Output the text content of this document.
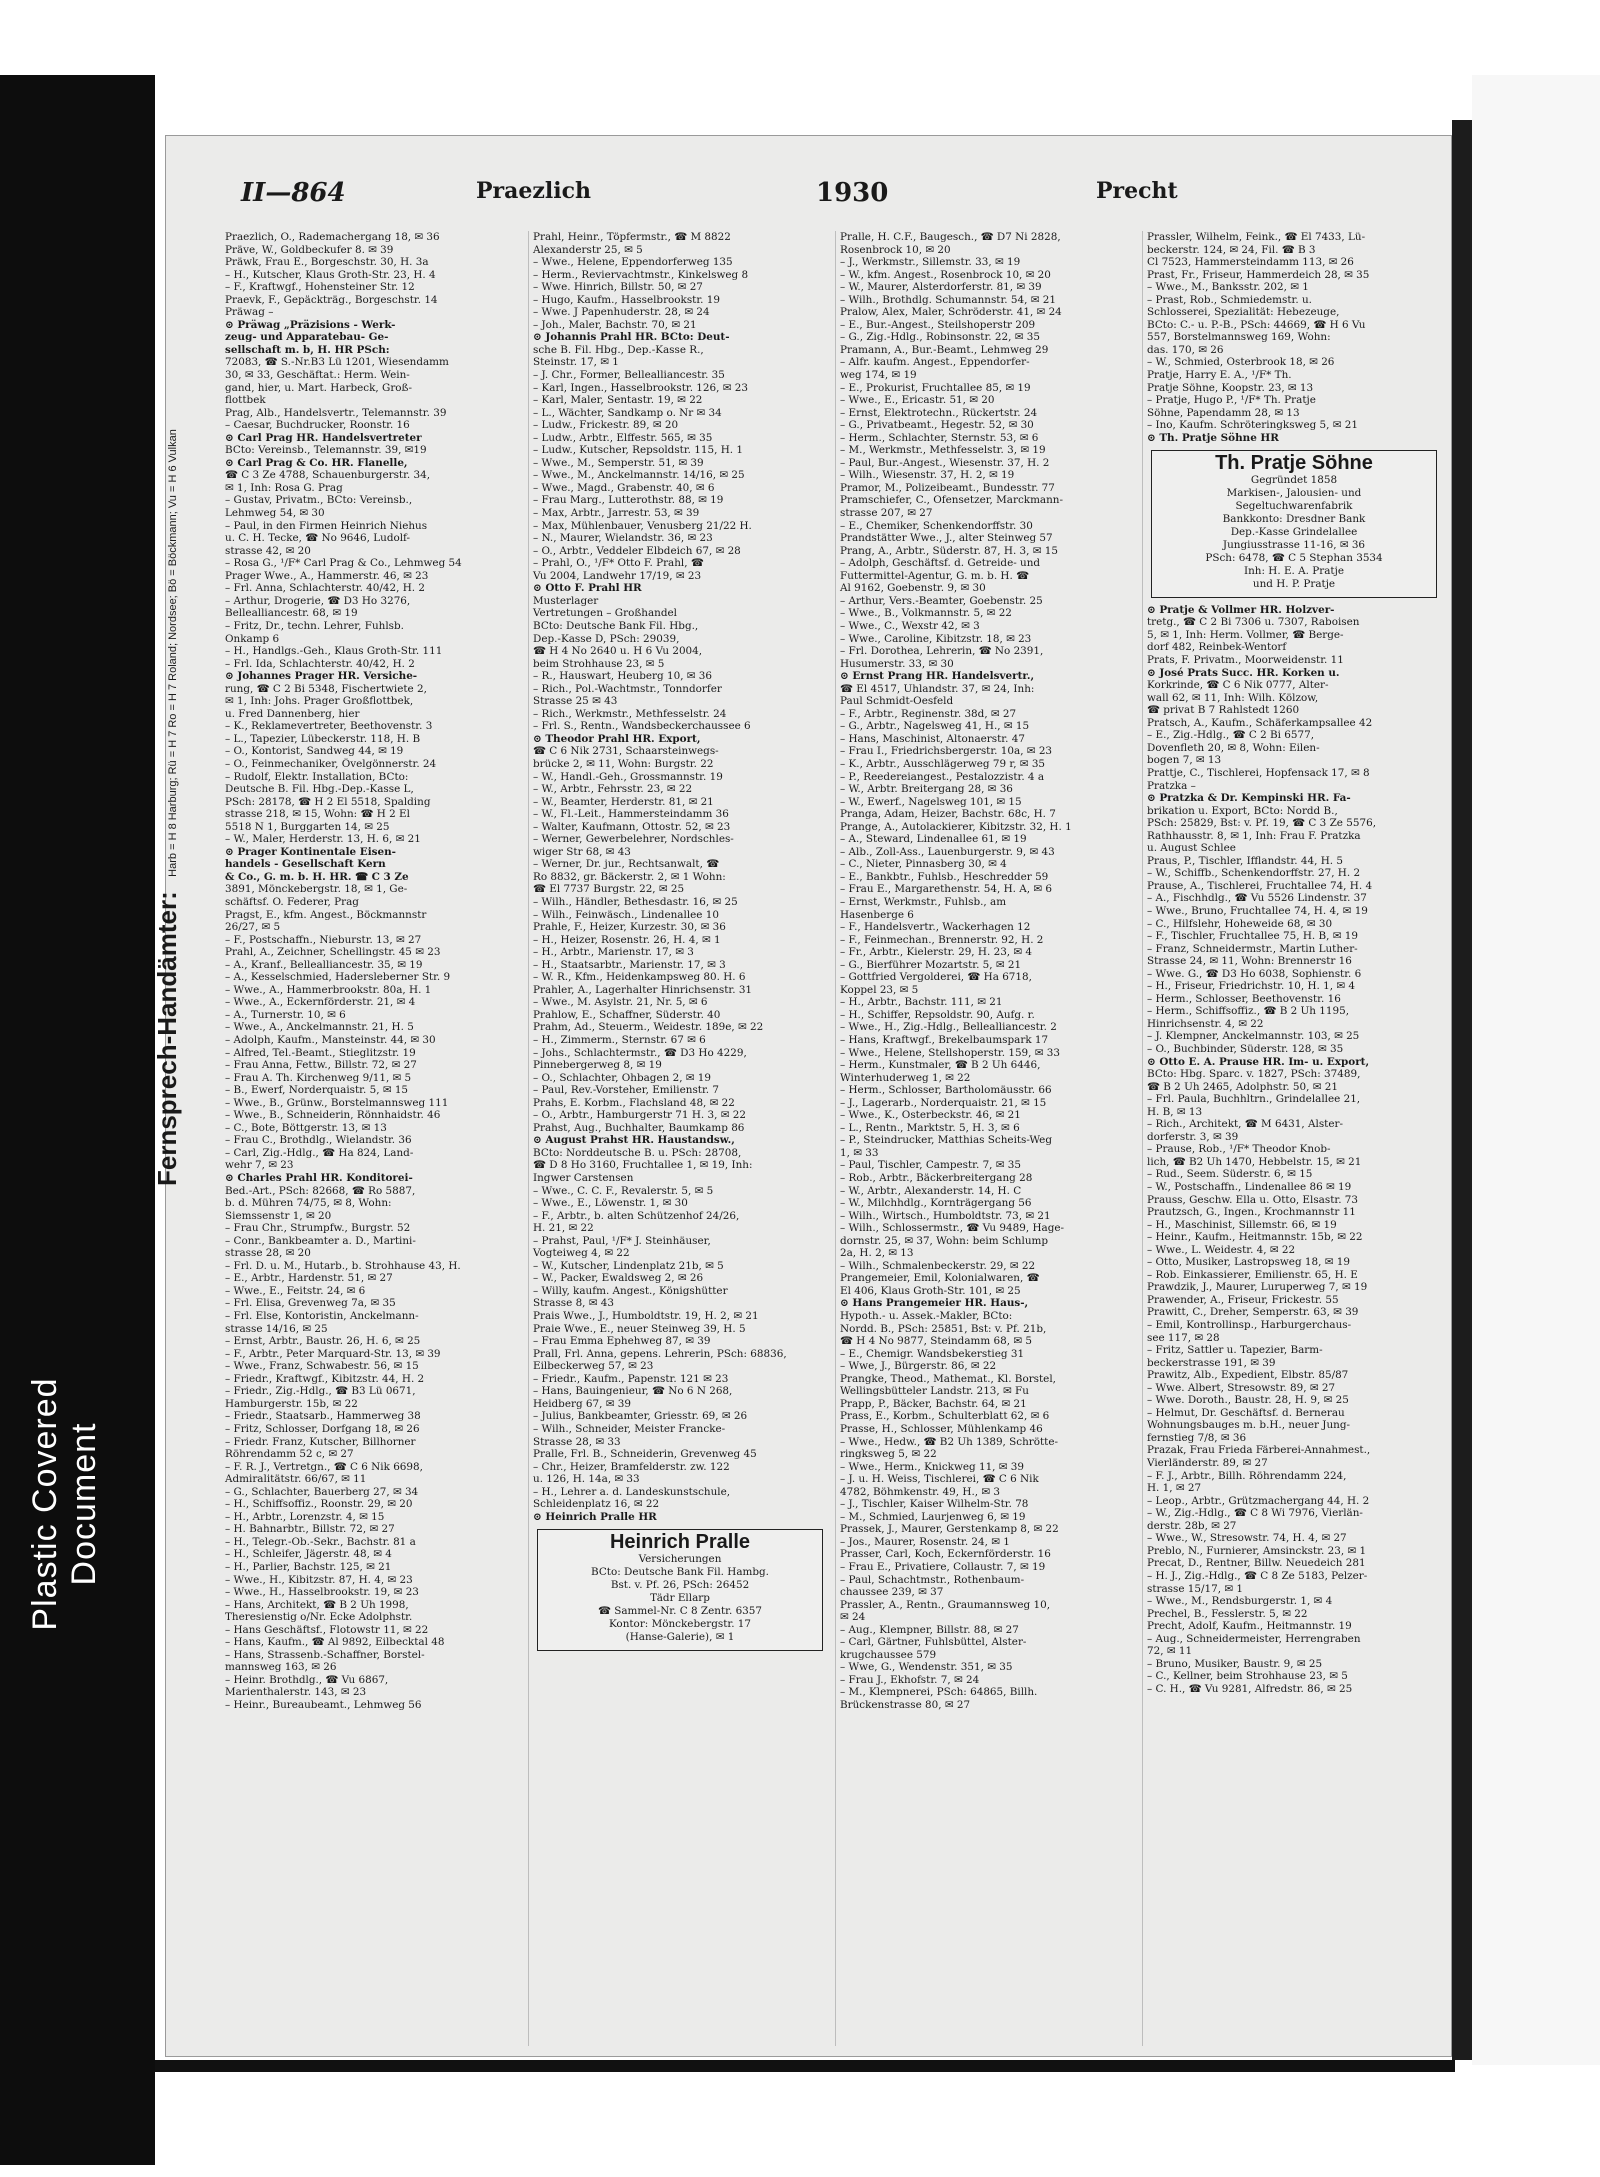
Plastic Covered Document
II—864	Praezlich	1930	Precht
Fernsprech-Handämter: Harb = H 8 Harburg; Rü = H 7 Ro = H 7 Roland; Nordsee; Bö = Böckmann; Vu = H 6 Vulkan

Praezlich, O., Rademachergang 18, ✉ 36

Präve, W., Goldbeckufer 8. ✉ 39

Präwk, Frau E., Borgeschstr. 30, H. 3a

– H., Kutscher, Klaus Groth-Str. 23, H. 4

– F., Kraftwgf., Hohensteiner Str. 12

Praevk, F., Gepäckträg., Borgeschstr. 14

Präwag –

⊙ Präwag „Präzisions - Werk-

zeug- und Apparatebau- Ge-

sellschaft m. b, H. HR PSch:

72083, ☎ S.-Nr.B3 Lü 1201, Wiesendamm

30, ✉ 33, Geschäftat.: Herm. Wein-

gand, hier, u. Mart. Harbeck, Groß-

flottbek

Prag, Alb., Handelsvertr., Telemannstr. 39

– Caesar, Buchdrucker, Roonstr. 16

⊙ Carl Prag HR. Handelsvertreter

BCto: Vereinsb., Telemannstr. 39, ✉19

⊙ Carl Prag & Co. HR. Flanelle,

☎ C 3 Ze 4788, Schauenburgerstr. 34,

✉ 1, Inh: Rosa G. Prag

– Gustav, Privatm., BCto: Vereinsb.,

Lehmweg 54, ✉ 30

– Paul, in den Firmen Heinrich Niehus

u. C. H. Tecke, ☎ No 9646, Ludolf-

strasse 42, ✉ 20

– Rosa G., ¹/F* Carl Prag & Co., Lehmweg 54

Prager Wwe., A., Hammerstr. 46, ✉ 23

– Frl. Anna, Schlachterstr. 40/42, H. 2

– Arthur, Drogerie, ☎ D3 Ho 3276,

Bellealliancestr. 68, ✉ 19

– Fritz, Dr., techn. Lehrer, Fuhlsb.

Onkamp 6

– H., Handlgs.-Geh., Klaus Groth-Str. 111

– Frl. Ida, Schlachterstr. 40/42, H. 2

⊙ Johannes Prager HR. Versiche-

rung, ☎ C 2 Bi 5348, Fischertwiete 2,

✉ 1, Inh: Johs. Prager Großflottbek,

u. Fred Dannenberg, hier

– K., Reklamevertreter, Beethovenstr. 3

– L., Tapezier, Lübeckerstr. 118, H. B

– O., Kontorist, Sandweg 44, ✉ 19

– O., Feinmechaniker, Övelgönnerstr. 24

– Rudolf, Elektr. Installation, BCto:

Deutsche B. Fil. Hbg.-Dep.-Kasse L,

PSch: 28178, ☎ H 2 El 5518, Spalding

strasse 218, ✉ 15, Wohn: ☎ H 2 El

5518 N 1, Burggarten 14, ✉ 25

– W., Maler, Herderstr. 13, H. 6, ✉ 21

⊙ Prager Kontinentale Eisen-

handels - Gesellschaft Kern

& Co., G. m. b. H. HR. ☎ C 3 Ze

3891, Mönckebergstr. 18, ✉ 1, Ge-

schäftsf. O. Federer, Prag

Pragst, E., kfm. Angest., Böckmannstr

26/27, ✉ 5

– F., Postschaffn., Nieburstr. 13, ✉ 27

Prahl, A., Zeichner, Schellingstr. 45 ✉ 23

– A., Kranf., Bellealliancestr. 35, ✉ 19

– A., Kesselschmied, Hadersleberner Str. 9

– Wwe., A., Hammerbrookstr. 80a, H. 1

– Wwe., A., Eckernförderstr. 21, ✉ 4

– A., Turnerstr. 10, ✉ 6

– Wwe., A., Anckelmannstr. 21, H. 5

– Adolph, Kaufm., Mansteinstr. 44, ✉ 30

– Alfred, Tel.-Beamt., Stieglitzstr. 19

– Frau Anna, Fettw., Billstr. 72, ✉ 27

– Frau A. Th. Kirchenweg 9/11, ✉ 5

– B., Ewerf, Norderquaistr. 5, ✉ 15

– Wwe., B., Grünw., Borstelmannsweg 111

– Wwe., B., Schneiderin, Rönnhaidstr. 46

– C., Bote, Böttgerstr. 13, ✉ 13

– Frau C., Brothdlg., Wielandstr. 36

– Carl, Zig.-Hdlg., ☎ Ha 824, Land-

wehr 7, ✉ 23

⊙ Charles Prahl HR. Konditorei-

Bed.-Art., PSch: 82668, ☎ Ro 5887,

b. d. Mühren 74/75, ✉ 8, Wohn:

Siemssenstr 1, ✉ 20

– Frau Chr., Strumpfw., Burgstr. 52

– Conr., Bankbeamter a. D., Martini-

strasse 28, ✉ 20

– Frl. D. u. M., Hutarb., b. Strohhause 43, H.

– E., Arbtr., Hardenstr. 51, ✉ 27

– Wwe., E., Feitstr. 24, ✉ 6

– Frl. Elisa, Grevenweg 7a, ✉ 35

– Frl. Else, Kontoristin, Anckelmann-

strasse 14/16, ✉ 25

– Ernst, Arbtr., Baustr. 26, H. 6, ✉ 25

– F., Arbtr., Peter Marquard-Str. 13, ✉ 39

– Wwe., Franz, Schwabestr. 56, ✉ 15

– Friedr., Kraftwgf., Kibitzstr. 44, H. 2

– Friedr., Zig.-Hdlg., ☎ B3 Lü 0671,

Hamburgerstr. 15b, ✉ 22

– Friedr., Staatsarb., Hammerweg 38

– Fritz, Schlosser, Dorfgang 18, ✉ 26

– Friedr. Franz, Kutscher, Billhorner

Röhrendamm 52 c, ✉ 27

– F. R. J., Vertretgn., ☎ C 6 Nik 6698,

Admiralitätstr. 66/67, ✉ 11

– G., Schlachter, Bauerberg 27, ✉ 34

– H., Schiffsoffiz., Roonstr. 29, ✉ 20

– H., Arbtr., Lorenzstr. 4, ✉ 15

– H. Bahnarbtr., Billstr. 72, ✉ 27

– H., Telegr.-Ob.-Sekr., Bachstr. 81 a

– H., Schleifer, Jägerstr. 48, ✉ 4

– H., Parlier, Bachstr. 125, ✉ 21

– Wwe., H., Kibitzstr. 87, H. 4, ✉ 23

– Wwe., H., Hasselbrookstr. 19, ✉ 23

– Hans, Architekt, ☎ B 2 Uh 1998,

Theresienstig o/Nr. Ecke Adolphstr.

– Hans Geschäftsf., Flotowstr 11, ✉ 22

– Hans, Kaufm., ☎ Al 9892, Eilbecktal 48

– Hans, Strassenb.-Schaffner, Borstel-

mannsweg 163, ✉ 26

– Heinr. Brothdlg., ☎ Vu 6867,

Marienthalerstr. 143, ✉ 23

– Heinr., Bureaubeamt., Lehmweg 56

Prahl, Heinr., Töpfermstr., ☎ M 8822

Alexanderstr 25, ✉ 5

– Wwe., Helene, Eppendorferweg 135

– Herm., Reviervachtmstr., Kinkelsweg 8

– Wwe. Hinrich, Billstr. 50, ✉ 27

– Hugo, Kaufm., Hasselbrookstr. 19

– Wwe. J Papenhuderstr. 28, ✉ 24

– Joh., Maler, Bachstr. 70, ✉ 21

⊙ Johannis Prahl HR. BCto: Deut-

sche B. Fil. Hbg., Dep.-Kasse R.,

Steinstr. 17, ✉ 1

– J. Chr., Former, Bellealliancestr. 35

– Karl, Ingen., Hasselbrookstr. 126, ✉ 23

– Karl, Maler, Sentastr. 19, ✉ 22

– L., Wächter, Sandkamp o. Nr ✉ 34

– Ludw., Frickestr. 89, ✉ 20

– Ludw., Arbtr., Elffestr. 565, ✉ 35

– Ludw., Kutscher, Repsoldstr. 115, H. 1

– Wwe., M., Semperstr. 51, ✉ 39

– Wwe., M., Anckelmannstr. 14/16, ✉ 25

– Wwe., Magd., Grabenstr. 40, ✉ 6

– Frau Marg., Lutterothstr. 88, ✉ 19

– Max, Arbtr., Jarrestr. 53, ✉ 39

– Max, Mühlenbauer, Venusberg 21/22 H.

– N., Maurer, Wielandstr. 36, ✉ 23

– O., Arbtr., Veddeler Elbdeich 67, ✉ 28

– Prahl, O., ¹/F* Otto F. Prahl, ☎

Vu 2004, Landwehr 17/19, ✉ 23

⊙ Otto F. Prahl HR

Musterlager

Vertretungen – Großhandel

BCto: Deutsche Bank Fil. Hbg.,

Dep.-Kasse D, PSch: 29039,

☎ H 4 No 2640 u. H 6 Vu 2004,

beim Strohhause 23, ✉ 5

– R., Hauswart, Heuberg 10, ✉ 36

– Rich., Pol.-Wachtmstr., Tonndorfer

Strasse 25 ✉ 43

– Rich., Werkmstr., Methfesselstr. 24

– Frl. S., Rentn., Wandsbeckerchaussee 6

⊙ Theodor Prahl HR. Export,

☎ C 6 Nik 2731, Schaarsteinwegs-

brücke 2, ✉ 11, Wohn: Burgstr. 22

– W., Handl.-Geh., Grossmannstr. 19

– W., Arbtr., Fehrsstr. 23, ✉ 22

– W., Beamter, Herderstr. 81, ✉ 21

– W., Fl.-Leit., Hammersteindamm 36

– Walter, Kaufmann, Ottostr. 52, ✉ 23

– Werner, Gewerbelehrer, Nordschles-

wiger Str 68, ✉ 43

– Werner, Dr. jur., Rechtsanwalt, ☎

Ro 8832, gr. Bäckerstr. 2, ✉ 1 Wohn:

☎ El 7737 Burgstr. 22, ✉ 25

– Wilh., Händler, Bethesdastr. 16, ✉ 25

– Wilh., Feinwäsch., Lindenallee 10

Prahle, F., Heizer, Kurzestr. 30, ✉ 36

– H., Heizer, Rosenstr. 26, H. 4, ✉ 1

– H., Arbtr., Marienstr. 17, ✉ 3

– H., Staatsarbtr., Marienstr. 17, ✉ 3

– W. R., Kfm., Heidenkampsweg 80. H. 6

Prahler, A., Lagerhalter Hinrichsenstr. 31

– Wwe., M. Asylstr. 21, Nr. 5, ✉ 6

Prahlow, E., Schaffner, Süderstr. 40

Prahm, Ad., Steuerm., Weidestr. 189e, ✉ 22

– H., Zimmerm., Sternstr. 67 ✉ 6

– Johs., Schlachtermstr., ☎ D3 Ho 4229,

Pinnebergerweg 8, ✉ 19

– O., Schlachter, Ohbagen 2, ✉ 19

– Paul, Rev.-Vorsteher, Emilienstr. 7

Prahs, E. Korbm., Flachsland 48, ✉ 22

– O., Arbtr., Hamburgerstr 71 H. 3, ✉ 22

Prahst, Aug., Buchhalter, Baumkamp 86

⊙ August Prahst HR. Haustandsw.,

BCto: Norddeutsche B. u. PSch: 28708,

☎ D 8 Ho 3160, Fruchtallee 1, ✉ 19, Inh:

Ingwer Carstensen

– Wwe., C. C. F., Revalerstr. 5, ✉ 5

– Wwe., E., Löwenstr. 1, ✉ 30

– F., Arbtr., b. alten Schützenhof 24/26,

H. 21, ✉ 22

– Prahst, Paul, ¹/F* J. Steinhäuser,

Vogteiweg 4, ✉ 22

– W., Kutscher, Lindenplatz 21b, ✉ 5

– W., Packer, Ewaldsweg 2, ✉ 26

– Willy, kaufm. Angest., Königshütter

Strasse 8, ✉ 43

Prais Wwe., J., Humboldtstr. 19, H. 2, ✉ 21

Praie Wwe., E., neuer Steinweg 39, H. 5

– Frau Emma Ephehweg 87, ✉ 39

Prall, Frl. Anna, gepens. Lehrerin, PSch: 68836,

Eilbeckerweg 57, ✉ 23

– Friedr., Kaufm., Papenstr. 121 ✉ 23

– Hans, Bauingenieur, ☎ No 6 N 268,

Heidberg 67, ✉ 39

– Julius, Bankbeamter, Griesstr. 69, ✉ 26

– Wilh., Schneider, Meister Francke-

Strasse 28, ✉ 33

Pralle, Frl. B., Schneiderin, Grevenweg 45

– Chr., Heizer, Bramfelderstr. zw. 122

u. 126, H. 14a, ✉ 33

– H., Lehrer a. d. Landeskunstschule,

Schleidenplatz 16, ✉ 22

⊙ Heinrich Pralle HR

Heinrich Pralle
Versicherungen
BCto: Deutsche Bank Fil. Hambg.
Bst. v. Pf. 26, PSch: 26452
Tädr Ellarp
☎ Sammel-Nr. C 8 Zentr. 6357
Kontor: Mönckebergstr. 17
(Hanse-Galerie), ✉ 1

Pralle, H. C.F., Baugesch., ☎ D7 Ni 2828,

Rosenbrock 10, ✉ 20

– J., Werkmstr., Sillemstr. 33, ✉ 19

– W., kfm. Angest., Rosenbrock 10, ✉ 20

– W., Maurer, Alsterdorferstr. 81, ✉ 39

– Wilh., Brothdlg. Schumannstr. 54, ✉ 21

Pralow, Alex, Maler, Schröderstr. 41, ✉ 24

– E., Bur.-Angest., Steilshoperstr 209

– G., Zig.-Hdlg., Robinsonstr. 22, ✉ 35

Pramann, A., Bur.-Beamt., Lehmweg 29

– Alfr. kaufm. Angest., Eppendorfer-

weg 174, ✉ 19

– E., Prokurist, Fruchtallee 85, ✉ 19

– Wwe., E., Ericastr. 51, ✉ 20

– Ernst, Elektrotechn., Rückertstr. 24

– G., Privatbeamt., Hegestr. 52, ✉ 30

– Herm., Schlachter, Sternstr. 53, ✉ 6

– M., Werkmstr., Methfesselstr. 3, ✉ 19

– Paul, Bur.-Angest., Wiesenstr. 37, H. 2

– Wilh., Wiesenstr. 37, H. 2, ✉ 19

Pramor, M., Polizeibeamt., Bundesstr. 77

Pramschiefer, C., Ofensetzer, Marckmann-

strasse 207, ✉ 27

– E., Chemiker, Schenkendorffstr. 30

Prandstätter Wwe., J., alter Steinweg 57

Prang, A., Arbtr., Süderstr. 87, H. 3, ✉ 15

– Adolph, Geschäftsf. d. Getreide- und

Futtermittel-Agentur, G. m. b. H. ☎

Al 9162, Goebenstr. 9, ✉ 30

– Arthur, Vers.-Beamter, Goebenstr. 25

– Wwe., B., Volkmannstr. 5, ✉ 22

– Wwe., C., Wexstr 42, ✉ 3

– Wwe., Caroline, Kibitzstr. 18, ✉ 23

– Frl. Dorothea, Lehrerin, ☎ No 2391,

Husumerstr. 33, ✉ 30

⊙ Ernst Prang HR. Handelsvertr.,

☎ El 4517, Uhlandstr. 37, ✉ 24, Inh:

Paul Schmidt-Oesfeld

– F., Arbtr., Reginenstr. 38d, ✉ 27

– G., Arbtr., Nagelsweg 41, H., ✉ 15

– Hans, Maschinist, Altonaerstr. 47

– Frau I., Friedrichsbergerstr. 10a, ✉ 23

– K., Arbtr., Ausschlägerweg 79 r, ✉ 35

– P., Reedereiangest., Pestalozzistr. 4 a

– W., Arbtr. Breitergang 28, ✉ 36

– W., Ewerf., Nagelsweg 101, ✉ 15

Pranga, Adam, Heizer, Bachstr. 68c, H. 7

Prange, A., Autolackierer, Kibitzstr. 32, H. 1

– A., Steward, Lindenallee 61, ✉ 19

– Alb., Zoll-Ass., Lauenburgerstr. 9, ✉ 43

– C., Nieter, Pinnasberg 30, ✉ 4

– E., Bankbtr., Fuhlsb., Heschredder 59

– Frau E., Margarethenstr. 54, H. A, ✉ 6

– Ernst, Werkmstr., Fuhlsb., am

Hasenberge 6

– F., Handelsvertr., Wackerhagen 12

– F., Feinmechan., Brennerstr. 92, H. 2

– Fr., Arbtr., Kielerstr. 29, H. 23, ✉ 4

– G., Bierführer Mozartstr. 5, ✉ 21

– Gottfried Vergolderei, ☎ Ha 6718,

Koppel 23, ✉ 5

– H., Arbtr., Bachstr. 111, ✉ 21

– H., Schiffer, Repsoldstr. 90, Aufg. r.

– Wwe., H., Zig.-Hdlg., Bellealliancestr. 2

– Hans, Kraftwgf., Brekelbaumspark 17

– Wwe., Helene, Stellshoperstr. 159, ✉ 33

– Herm., Kunstmaler, ☎ B 2 Uh 6446,

Winterhuderweg 1, ✉ 22

– Herm., Schlosser, Bartholomäusstr. 66

– J., Lagerarb., Norderquaistr. 21, ✉ 15

– Wwe., K., Osterbeckstr. 46, ✉ 21

– L., Rentn., Marktstr. 5, H. 3, ✉ 6

– P., Steindrucker, Matthias Scheits-Weg

1, ✉ 33

– Paul, Tischler, Campestr. 7, ✉ 35

– Rob., Arbtr., Bäckerbreitergang 28

– W., Arbtr., Alexanderstr. 14, H. C

– W., Milchhdlg., Kornträgergang 56

– Wilh., Wirtsch., Humboldtstr. 73, ✉ 21

– Wilh., Schlossermstr., ☎ Vu 9489, Hage-

dornstr. 25, ✉ 37, Wohn: beim Schlump

2a, H. 2, ✉ 13

– Wilh., Schmalenbeckerstr. 29, ✉ 22

Prangemeier, Emil, Kolonialwaren, ☎

El 406, Klaus Groth-Str. 101, ✉ 25

⊙ Hans Prangemeier HR. Haus-,

Hypoth.- u. Assek.-Makler, BCto:

Nordd. B., PSch: 25851, Bst: v. Pf. 21b,

☎ H 4 No 9877, Steindamm 68, ✉ 5

– E., Chemigr. Wandsbekerstieg 31

– Wwe, J., Bürgerstr. 86, ✉ 22

Prangke, Theod., Mathemat., Kl. Borstel,

Wellingsbütteler Landstr. 213, ✉ Fu

Prapp, P., Bäcker, Bachstr. 64, ✉ 21

Prass, E., Korbm., Schulterblatt 62, ✉ 6

Prasse, H., Schlosser, Mühlenkamp 46

– Wwe., Hedw., ☎ B2 Uh 1389, Schrötte-

ringksweg 5, ✉ 22

– Wwe., Herm., Knickweg 11, ✉ 39

– J. u. H. Weiss, Tischlerei, ☎ C 6 Nik

4782, Böhmkenstr. 49, H., ✉ 3

– J., Tischler, Kaiser Wilhelm-Str. 78

– M., Schmied, Laurjenweg 6, ✉ 19

Prassek, J., Maurer, Gerstenkamp 8, ✉ 22

– Jos., Maurer, Rosenstr. 24, ✉ 1

Prasser, Carl, Koch, Eckernförderstr. 16

– Frau E., Privatiere, Collaustr. 7, ✉ 19

– Paul, Schachtmstr., Rothenbaum-

chaussee 239, ✉ 37

Prassler, A., Rentn., Graumannsweg 10,

✉ 24

– Aug., Klempner, Billstr. 88, ✉ 27

– Carl, Gärtner, Fuhlsbüttel, Alster-

krugchaussee 579

– Wwe, G., Wendenstr. 351, ✉ 35

– Frau J., Ekhofstr. 7, ✉ 24

– M., Klempnerei, PSch: 64865, Billh.

Brückenstrasse 80, ✉ 27

Prassler, Wilhelm, Feink., ☎ El 7433, Lü-

beckerstr. 124, ✉ 24, Fil. ☎ B 3

Cl 7523, Hammersteindamm 113, ✉ 26

Prast, Fr., Friseur, Hammerdeich 28, ✉ 35

– Wwe., M., Banksstr. 202, ✉ 1

– Prast, Rob., Schmiedemstr. u.

Schlosserei, Spezialität: Hebezeuge,

BCto: C.- u. P.-B., PSch: 44669, ☎ H 6 Vu

557, Borstelmannsweg 169, Wohn:

das. 170, ✉ 26

– W., Schmied, Osterbrook 18, ✉ 26

Pratje, Harry E. A., ¹/F* Th.

Pratje Söhne, Koopstr. 23, ✉ 13

– Pratje, Hugo P., ¹/F* Th. Pratje

Söhne, Papendamm 28, ✉ 13

– Ino, Kaufm. Schröteringksweg 5, ✉ 21

⊙ Th. Pratje Söhne HR

Th. Pratje Söhne
Gegründet 1858
Markisen-, Jalousien- und
Segeltuchwarenfabrik
Bankkonto: Dresdner Bank
Dep.-Kasse Grindelallee
Jungiusstrasse 11-16, ✉ 36
PSch: 6478, ☎ C 5 Stephan 3534
Inh: H. E. A. Pratje
und H. P. Pratje

⊙ Pratje & Vollmer HR. Holzver-

tretg., ☎ C 2 Bi 7306 u. 7307, Raboisen

5, ✉ 1, Inh: Herm. Vollmer, ☎ Berge-

dorf 482, Reinbek-Wentorf

Prats, F. Privatm., Moorweidenstr. 11

⊙ José Prats Succ. HR. Korken u.

Korkrinde, ☎ C 6 Nik 0777, Alter-

wall 62, ✉ 11, Inh: Wilh. Kölzow,

☎ privat B 7 Rahlstedt 1260

Pratsch, A., Kaufm., Schäferkampsallee 42

– E., Zig.-Hdlg., ☎ C 2 Bi 6577,

Dovenfleth 20, ✉ 8, Wohn: Eilen-

bogen 7, ✉ 13

Prattje, C., Tischlerei, Hopfensack 17, ✉ 8

Pratzka –

⊙ Pratzka & Dr. Kempinski HR. Fa-

brikation u. Export, BCto: Nordd B.,

PSch: 25829, Bst: v. Pf. 19, ☎ C 3 Ze 5576,

Rathhausstr. 8, ✉ 1, Inh: Frau F. Pratzka

u. August Schlee

Praus, P., Tischler, Ifflandstr. 44, H. 5

– W., Schiffb., Schenkendorffstr. 27, H. 2

Prause, A., Tischlerei, Fruchtallee 74, H. 4

– A., Fischhdlg., ☎ Vu 5526 Lindenstr. 37

– Wwe., Bruno, Fruchtallee 74, H. 4, ✉ 19

– C., Hilfslehr, Hoheweide 68, ✉ 30

– F., Tischler, Fruchtallee 75, H. B, ✉ 19

– Franz, Schneidermstr., Martin Luther-

Strasse 24, ✉ 11, Wohn: Brennerstr 16

– Wwe. G., ☎ D3 Ho 6038, Sophienstr. 6

– H., Friseur, Friedrichstr. 10, H. 1, ✉ 4

– Herm., Schlosser, Beethovenstr. 16

– Herm., Schiffsoffiz., ☎ B 2 Uh 1195,

Hinrichsenstr. 4, ✉ 22

– J. Klempner, Anckelmannstr. 103, ✉ 25

– O., Buchbinder, Süderstr. 128, ✉ 35

⊙ Otto E. A. Prause HR. Im- u. Export,

BCto: Hbg. Sparc. v. 1827, PSch: 37489,

☎ B 2 Uh 2465, Adolphstr. 50, ✉ 21

– Frl. Paula, Buchhltrn., Grindelallee 21,

H. B, ✉ 13

– Rich., Architekt, ☎ M 6431, Alster-

dorferstr. 3, ✉ 39

– Prause, Rob., ¹/F* Theodor Knob-

lich, ☎ B2 Uh 1470, Hebbelstr. 15, ✉ 21

– Rud., Seem. Süderstr. 6, ✉ 15

– W., Postschaffn., Lindenallee 86 ✉ 19

Prauss, Geschw. Ella u. Otto, Elsastr. 73

Prautzsch, G., Ingen., Krochmannstr 11

– H., Maschinist, Sillemstr. 66, ✉ 19

– Heinr., Kaufm., Heitmannstr. 15b, ✉ 22

– Wwe., L. Weidestr. 4, ✉ 22

– Otto, Musiker, Lastropsweg 18, ✉ 19

– Rob. Einkassierer, Emilienstr. 65, H. E

Prawdzik, J., Maurer, Luruperweg 7, ✉ 19

Prawender, A., Friseur, Frickestr. 55

Prawitt, C., Dreher, Semperstr. 63, ✉ 39

– Emil, Kontrollinsp., Harburgerchaus-

see 117, ✉ 28

– Fritz, Sattler u. Tapezier, Barm-

beckerstrasse 191, ✉ 39

Prawitz, Alb., Expedient, Elbstr. 85/87

– Wwe. Albert, Stresowstr. 89, ✉ 27

– Wwe. Doroth., Baustr. 28, H. 9, ✉ 25

– Helmut, Dr. Geschäftsf. d. Bernerau

Wohnungsbauges m. b.H., neuer Jung-

fernstieg 7/8, ✉ 36

Prazak, Frau Frieda Färberei-Annahmest.,

Vierländerstr. 89, ✉ 27

– F. J., Arbtr., Billh. Röhrendamm 224,

H. 1, ✉ 27

– Leop., Arbtr., Grützmachergang 44, H. 2

– W., Zig.-Hdlg., ☎ C 8 Wi 7976, Vierlän-

derstr. 28b, ✉ 27

– Wwe., W., Stresowstr. 74, H. 4, ✉ 27

Preblo, N., Furnierer, Amsinckstr. 23, ✉ 1

Precat, D., Rentner, Billw. Neuedeich 281

– H. J., Zig.-Hdlg., ☎ C 8 Ze 5183, Pelzer-

strasse 15/17, ✉ 1

– Wwe., M., Rendsburgerstr. 1, ✉ 4

Prechel, B., Fesslerstr. 5, ✉ 22

Precht, Adolf, Kaufm., Heitmannstr. 19

– Aug., Schneidermeister, Herrengraben

72, ✉ 11

– Bruno, Musiker, Baustr. 9, ✉ 25

– C., Kellner, beim Strohhause 23, ✉ 5

– C. H., ☎ Vu 9281, Alfredstr. 86, ✉ 25
